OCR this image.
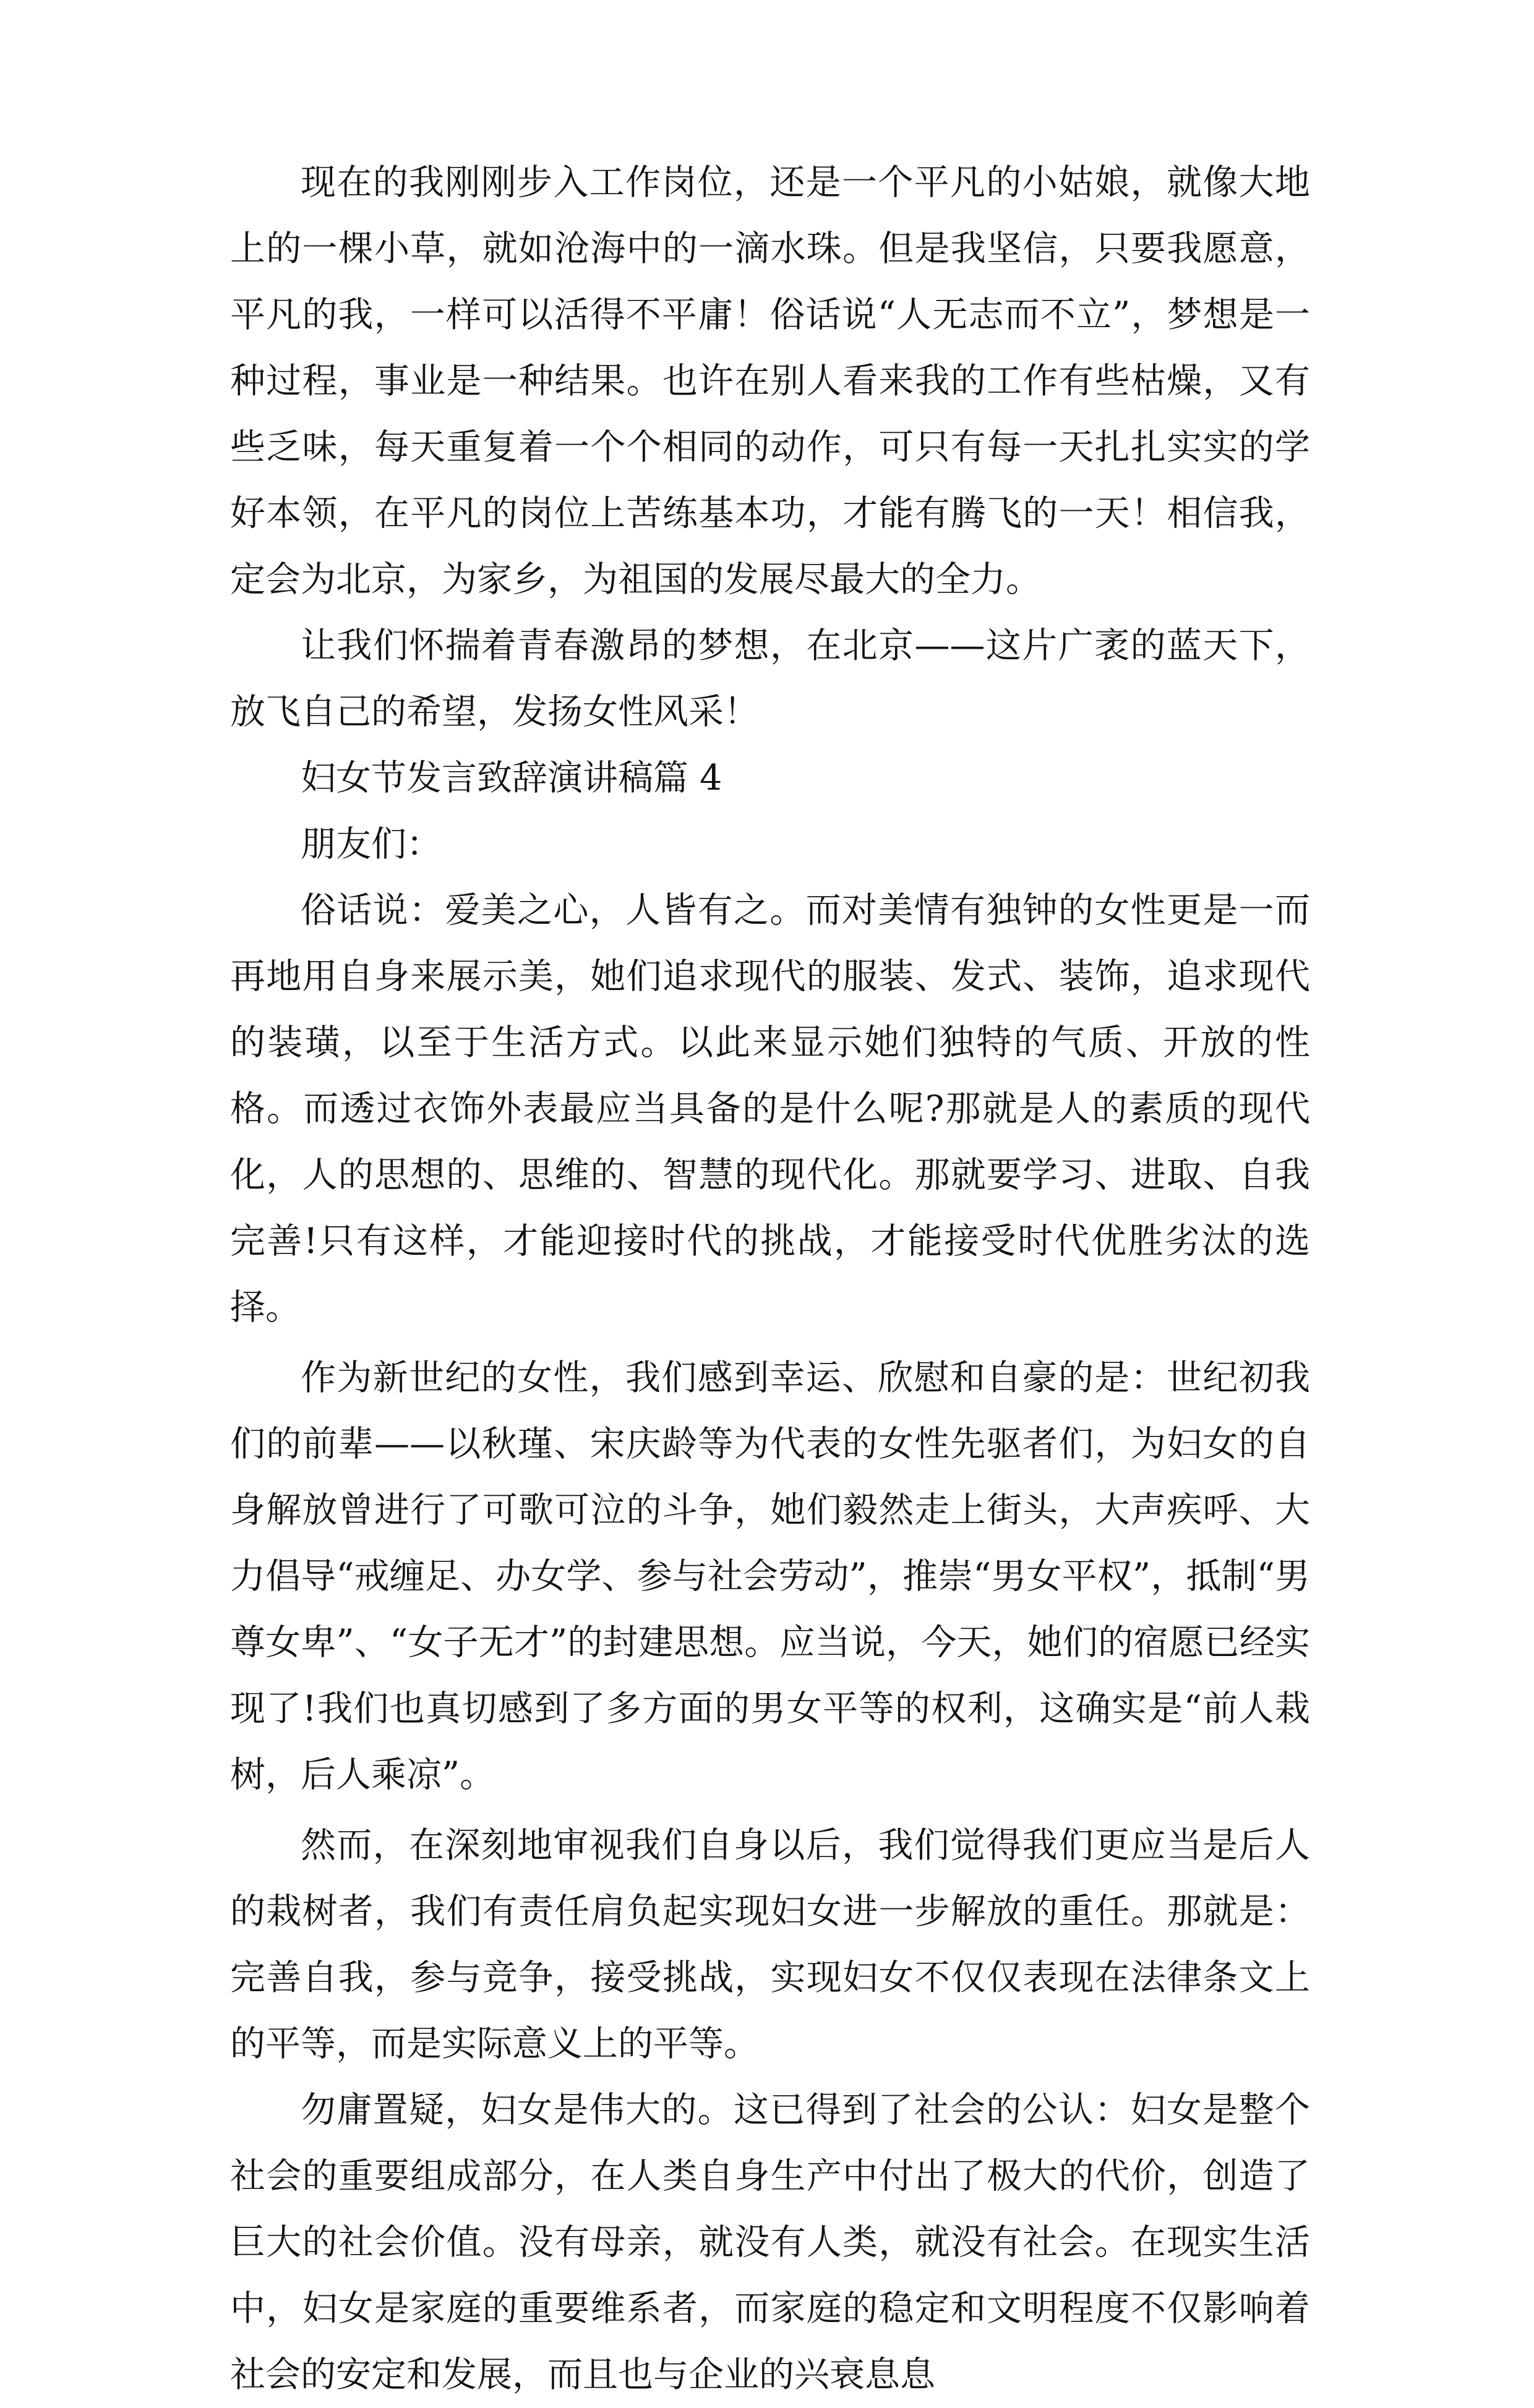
现在的我刚刚步入工作岗位，还是一个平凡的小姑娘，就像大地上的一棵小草，就如沧海中的一滴水珠。但是我坚信，只要我愿意，平凡的我，一样可以活得不平庸！俗话说“人无志而不立”，梦想是一种过程，事业是一种结果。也许在别人看来我的工作有些枯燥，又有些乏味，每天重复着一个个相同的动作，可只有每一天扎扎实实的学好本领，在平凡的岗位上苦练基本功，才能有腾飞的一天！相信我，定会为北京，为家乡，为祖国的发展尽最大的全力。

让我们怀揣着青春激昂的梦想，在北京——这片广袤的蓝天下，放飞自己的希望，发扬女性风采！

妇女节发言致辞演讲稿篇 4

朋友们：

俗话说：爱美之心，人皆有之。而对美情有独钟的女性更是一而再地用自身来展示美，她们追求现代的服装、发式、装饰，追求现代的装璜，以至于生活方式。以此来显示她们独特的气质、开放的性格。而透过衣饰外表最应当具备的是什么呢?那就是人的素质的现代化，人的思想的、思维的、智慧的现代化。那就要学习、进取、自我完善!只有这样，才能迎接时代的挑战，才能接受时代优胜劣汰的选择。

作为新世纪的女性，我们感到幸运、欣慰和自豪的是：世纪初我们的前辈——以秋瑾、宋庆龄等为代表的女性先驱者们，为妇女的自身解放曾进行了可歌可泣的斗争，她们毅然走上街头，大声疾呼、大力倡导“戒缠足、办女学、参与社会劳动”，推崇“男女平权”，抵制“男尊女卑”、“女子无才”的封建思想。应当说，今天，她们的宿愿已经实现了!我们也真切感到了多方面的男女平等的权利，这确实是“前人栽树，后人乘凉”。

然而，在深刻地审视我们自身以后，我们觉得我们更应当是后人的栽树者，我们有责任肩负起实现妇女进一步解放的重任。那就是：完善自我，参与竞争，接受挑战，实现妇女不仅仅表现在法律条文上的平等，而是实际意义上的平等。

勿庸置疑，妇女是伟大的。这已得到了社会的公认：妇女是整个社会的重要组成部分，在人类自身生产中付出了极大的代价，创造了巨大的社会价值。没有母亲，就没有人类，就没有社会。在现实生活中，妇女是家庭的重要维系者，而家庭的稳定和文明程度不仅影响着社会的安定和发展，而且也与企业的兴衰息息
